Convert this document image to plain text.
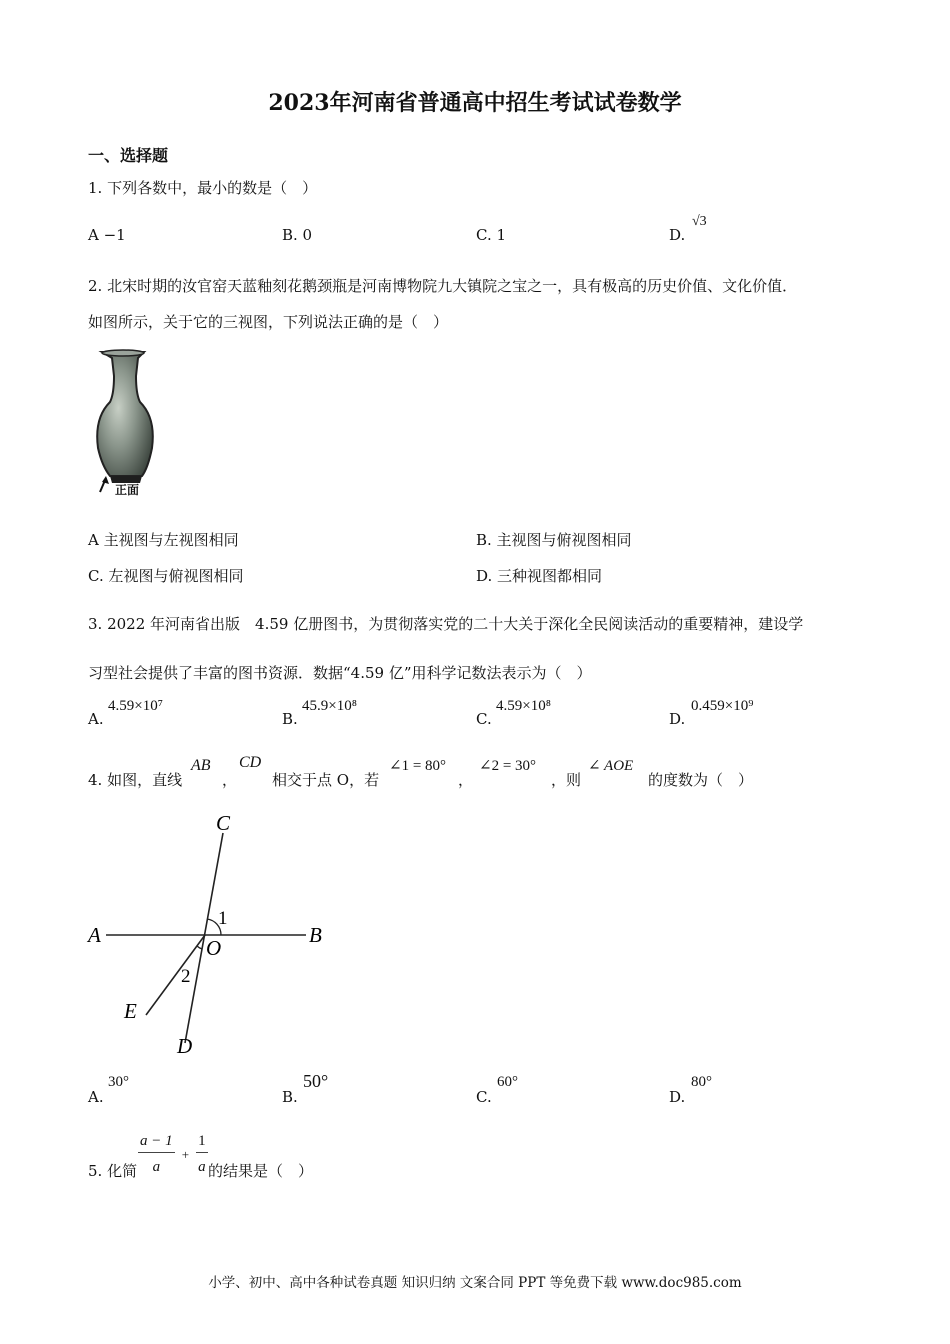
2023年河南省普通高中招生考试试卷数学
一、选择题
1. 下列各数中，最小的数是（　）
A −1	B. 0	C. 1	D.
√3
2. 北宋时期的汝官窑天蓝釉刻花鹅颈瓶是河南博物院九大镇院之宝之一，具有极高的历史价值、文化价值．
如图所示，关于它的三视图，下列说法正确的是（　）
正面
A 主视图与左视图相同	B. 主视图与俯视图相同
C. 左视图与俯视图相同	D. 三种视图都相同
3. 2022 年河南省出版　4.59 亿册图书，为贯彻落实党的二十大关于深化全民阅读活动的重要精神，建设学
习型社会提供了丰富的图书资源．数据“4.59 亿”用科学记数法表示为（　）
A.
4.59×10⁷
B.
45.9×10⁸
C.
4.59×10⁸
D.
0.459×10⁹
4. 如图，直线
AB
，
CD
相交于点 O，若
∠1 = 80°
，
∠2 = 30°
，则
∠ AOE
的度数为（　）
C
A	B
O
1
2
E
D
A.
30°
B.
50°
C.
60°
D.
80°
5. 化简 $\frac{a - 1}{a} + \frac{1}{a}$ 的结果是（　）
小学、初中、高中各种试卷真题 知识归纳 文案合同 PPT 等免费下载 www.doc985.com
